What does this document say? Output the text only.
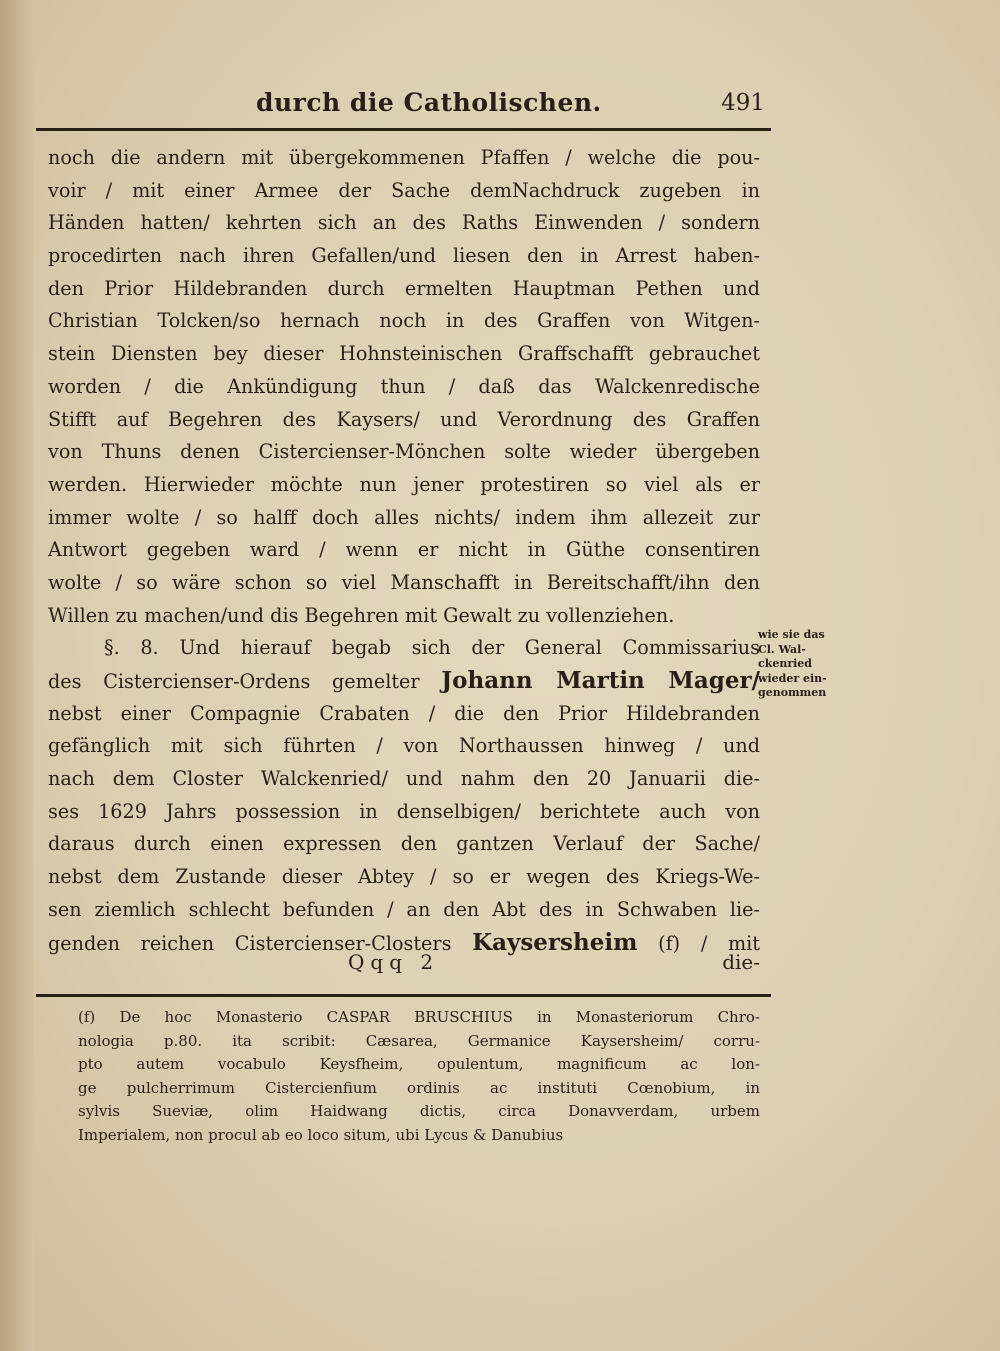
durch die Catholischen.	491
noch die andern mit übergekommenen Pfaffen / welche die pou-
voir / mit einer Armee der Sache demNachdruck zugeben in
Händen hatten/ kehrten sich an des Raths Einwenden / sondern
procedirten nach ihren Gefallen/und liesen den in Arrest haben-
den Prior Hildebranden durch ermelten Hauptman Pethen und
Christian Tolcken/so hernach noch in des Graffen von Witgen-
stein Diensten bey dieser Hohnsteinischen Graffschafft gebrauchet
worden / die Ankündigung thun / daß das Walckenredische
Stifft auf Begehren des Kaysers/ und Verordnung des Graffen
von Thuns denen Cistercienser-Mönchen solte wieder übergeben
werden. Hierwieder möchte nun jener protestiren so viel als er
immer wolte / so halff doch alles nichts/ indem ihm allezeit zur
Antwort gegeben ward / wenn er nicht in Güthe consentiren
wolte / so wäre schon so viel Manschafft in Bereitschafft/ihn den
Willen zu machen/und dis Begehren mit Gewalt zu vollenziehen.
§. 8. Und hierauf begab sich der General Commissarius
des Cistercienser-Ordens gemelter Johann Martin Mager/
nebst einer Compagnie Crabaten / die den Prior Hildebranden
gefänglich mit sich führten / von Northaussen hinweg / und
nach dem Closter Walckenried/ und nahm den 20 Januarii die-
ses 1629 Jahrs possession in denselbigen/ berichtete auch von
daraus durch einen expressen den gantzen Verlauf der Sache/
nebst dem Zustande dieser Abtey / so er wegen des Kriegs-We-
sen ziemlich schlecht befunden / an den Abt des in Schwaben lie-
genden reichen Cistercienser-Closters Kaysersheim (f) / mit
wie sie das
Cl. Wal-
ckenried
wieder ein-
genommen
Qqq 2	die-
(f) De hoc Monasterio CASPAR BRUSCHIUS in Monasteriorum Chro-
nologia p.80. ita scribit: Cæsarea, Germanice Kaysersheim/ corru-
pto autem vocabulo Keysfheim, opulentum, magnificum ac lon-
ge pulcherrimum Cistercienfium ordinis ac instituti Cœnobium, in
sylvis Sueviæ, olim Haidwang dictis, circa Donavverdam, urbem
Imperialem, non procul ab eo loco situm, ubi Lycus & Danubius
